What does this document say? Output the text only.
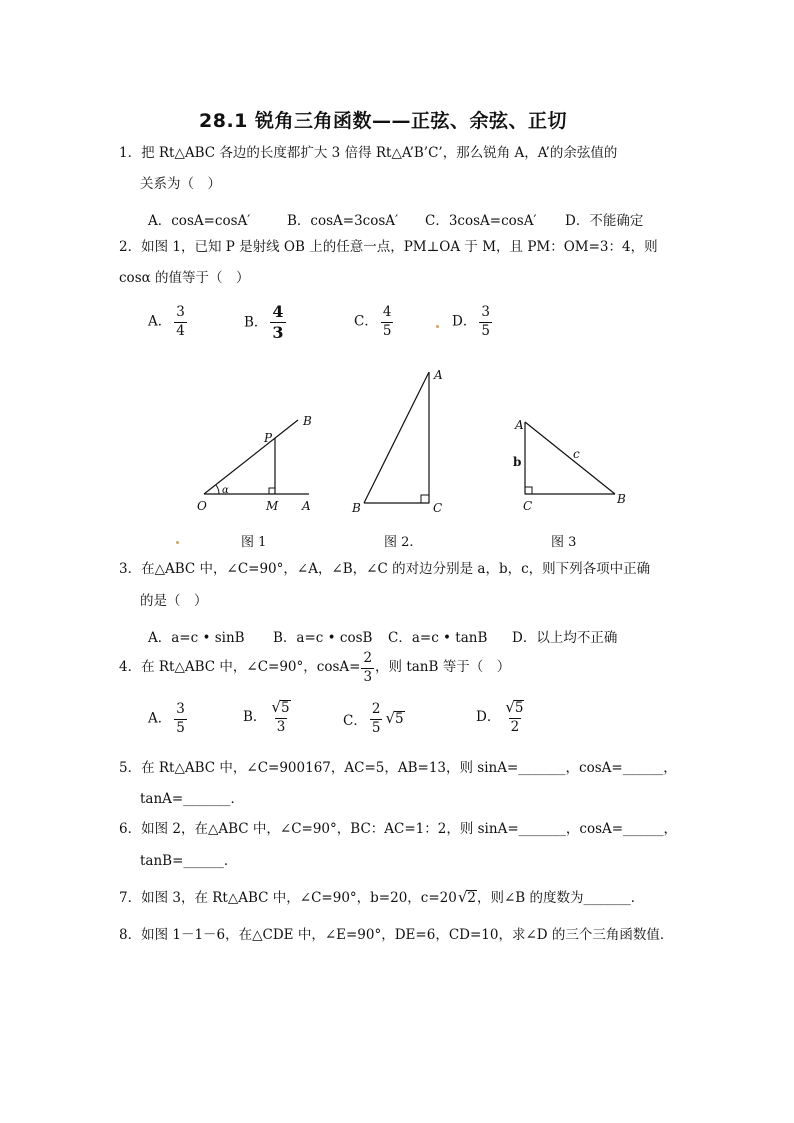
28.1 锐角三角函数——正弦、余弦、正切
1．把 Rt△ABC 各边的长度都扩大 3 倍得 Rt△A’B’C’，那么锐角 A，A’的余弦值的
关系为（　）
A．cosA=cosA′	B．cosA=3cosA′ C．3cosA=cosA′ D．不能确定
2．如图 1，已知 P 是射线 OB 上的任意一点，PM⊥OA 于 M，且 PM：OM=3：4，则
cosα 的值等于（　）
A． $\frac{3}{4}$	B． $\frac{4}{3}$	C． $\frac{4}{5}$	D． $\frac{3}{5}$
O	M A
P
B
α
A
B	C
A
B
C
b
c
图 1	图 2.	图 3
3．在△ABC 中，∠C=90°，∠A，∠B，∠C 的对边分别是 a，b，c，则下列各项中正确
的是（　）
A．a=c • sinB B．a=c • cosB C．a=c • tanB D．以上均不正确
4．在 Rt△ABC 中，∠C=90°，$\cos A= \frac{2}{3}$ ，则 tanB 等于（　）
A． $\frac{3}{5}$	B． $\frac{√ 5}{3}$	C． $\frac{2}{5}$ √ 5	D． $\frac{√ 5}{2}$
5．在 Rt△ABC 中，∠C=900167，AC=5，AB=13，则 sinA=_______，cosA=______，
tanA=_______．
6．如图 2，在△ABC 中，∠C=90°，BC：AC=1：2，则 sinA=_______，cosA=______，
tanB=______．
7．如图 3，在 Rt△ABC 中，∠C=90°，b=20，c=20 √ 2 ，则∠B 的度数为_______．
8．如图 1－1－6，在△CDE 中，∠E=90°，DE=6，CD=10，求∠D 的三个三角函数值．
